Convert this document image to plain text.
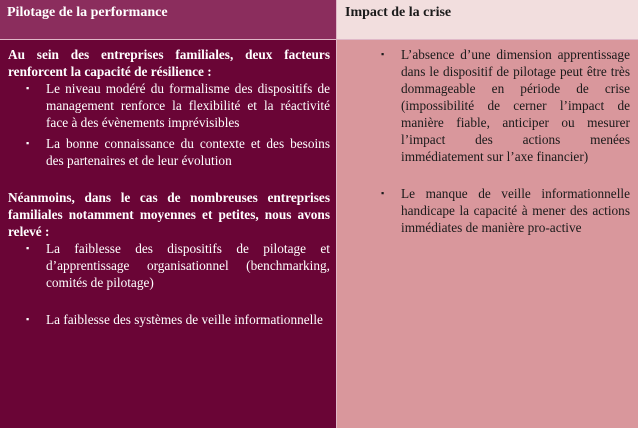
Pilotage de la performance	Impact de la crise

Au sein des entreprises familiales, deux facteurs renforcent la capacité de résilience :

▪ Le niveau modéré du formalisme des dispositifs de management renforce la flexibilité et la réactivité face à des évènements imprévisibles
▪ La bonne connaissance du contexte et des besoins des partenaires et de leur évolution

Néanmoins, dans le cas de nombreuses entreprises familiales notamment moyennes et petites, nous avons relevé :

▪ La faiblesse des dispositifs de pilotage et d’apprentissage organisationnel (benchmarking, comités de pilotage)
▪ La faiblesse des systèmes de veille informationnelle
▪ L’absence d’une dimension apprentissage dans le dispositif de pilotage peut être très dommageable en période de crise (impossibilité de cerner l’impact de manière fiable, anticiper ou mesurer l’impact des actions menées immédiatement sur l’axe financier)
▪ Le manque de veille informationnelle handicape la capacité à mener des actions immédiates de manière pro-active
